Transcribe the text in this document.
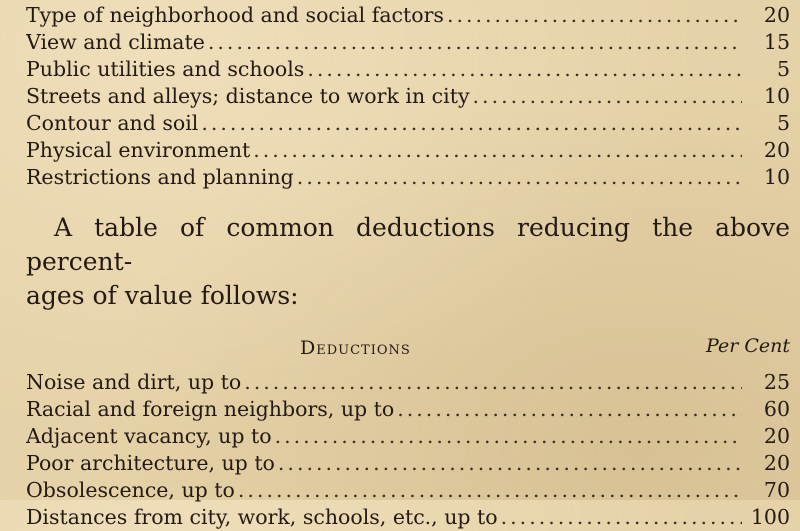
Type of neighborhood and social factors .....	20
View and climate .....	15
Public utilities and schools .....	5
Streets and alleys; distance to work in city .....	10
Contour and soil .....	5
Physical environment .....	20
Restrictions and planning .....	10
A table of common deductions reducing the above percent-
ages of value follows:
Deductions	Per Cent
Noise and dirt, up to .....	25
Racial and foreign neighbors, up to .....	60
Adjacent vacancy, up to .....	20
Poor architecture, up to .....	20
Obsolescence, up to .....	70
Distances from city, work, schools, etc., up to .....	100
